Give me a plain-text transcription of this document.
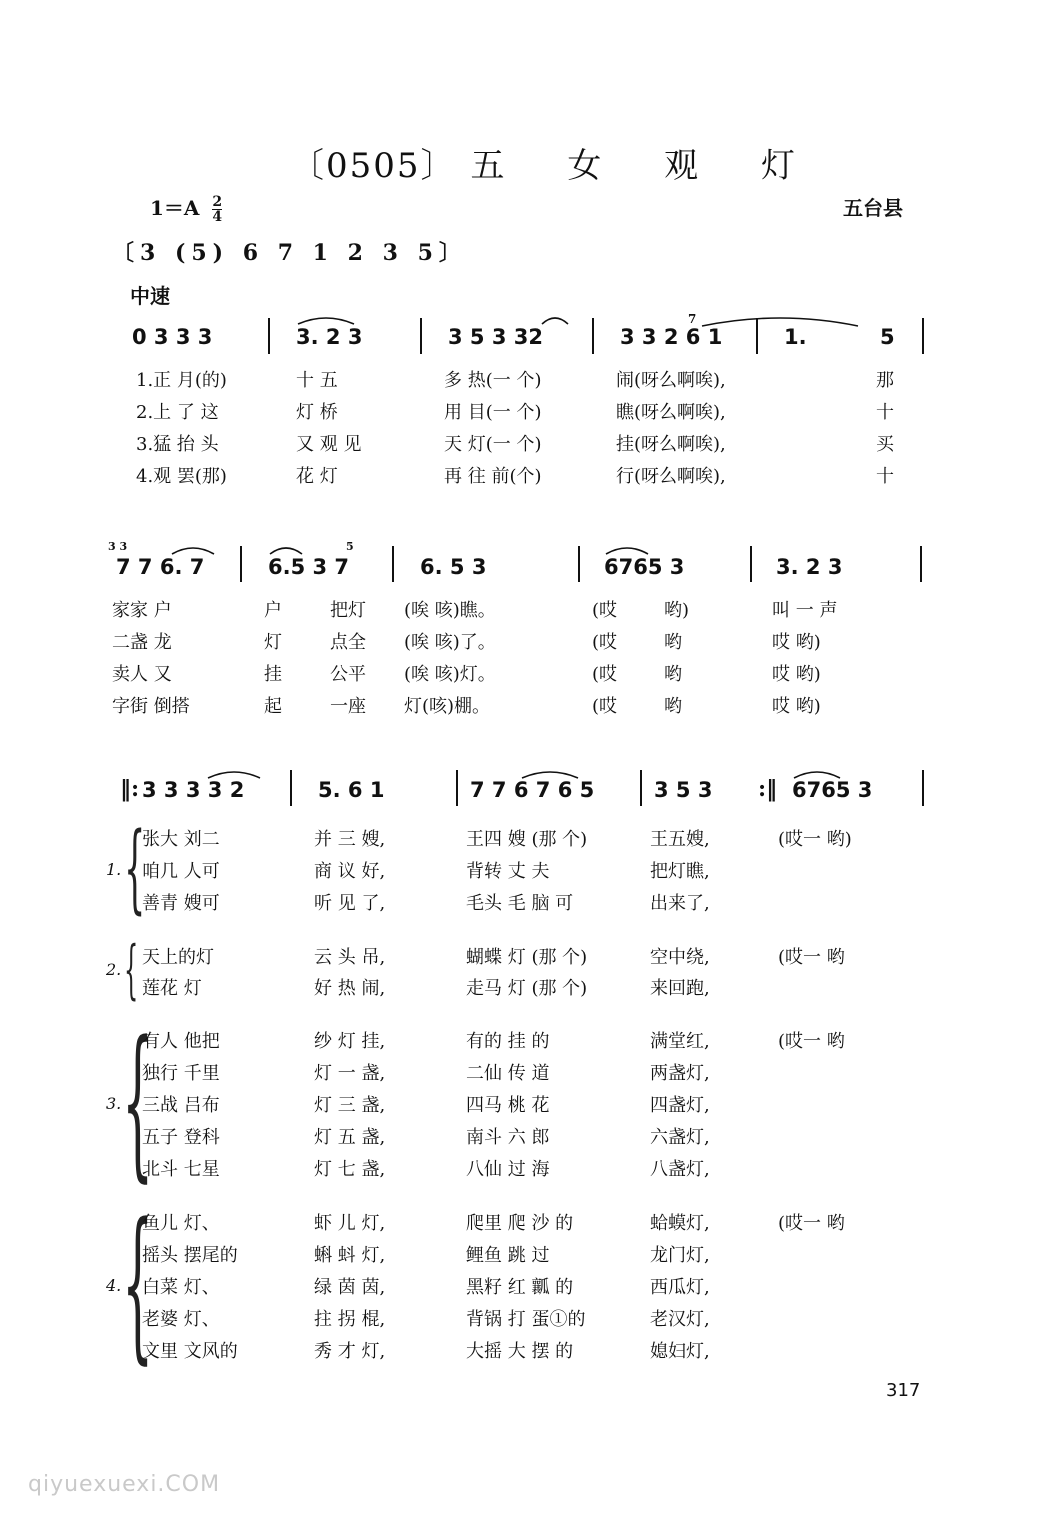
〔0505〕 五 女 观 灯
$1=A \frac{2}{4}$	五台县
〔3 (5) 6 7 1 2 3 5〕
中速
0 3 3 3	3. 2 3	3 5 3 32
7
3 3 2 6 1	1.	5
1.正 月(的)	十 五	多 热(一 个)	闹(呀么啊唉),	那
2.上 了 这	灯 桥	用 目(一 个)	瞧(呀么啊唉),	十
3.猛 抬 头	又 观 见	天 灯(一 个)	挂(呀么啊唉),	买
4.观 罢(那)	花 灯	再 往 前(个)	行(呀么啊唉),	十
3 3
7 7 6. 7
5
6.5 3 7	6. 5 3	6765 3	3. 2 3
家家 户	户	把灯 (唉 咳)瞧。	(哎	哟)	叫 一 声
二盏 龙	灯	点全 (唉 咳)了。	(哎	哟	哎 哟)
卖人 又	挂	公平 (唉 咳)灯。	(哎	哟	哎 哟)
字街 倒搭	起	一座 灯(咳)棚。	(哎	哟	哎 哟)
‖: 3 3 3 3 2	5. 6 1	7 7 6 7 6 5	3 5 3 :‖ 6765 3
1. {
张大 刘二	并 三 嫂,	王四 嫂 (那 个)	王五嫂,	(哎一 哟)
咱几 人可	商 议 好,	背转 丈 夫	把灯瞧,
善青 嫂可	听 见 了,	毛头 毛 脑 可	出来了,
2. { 天上的灯	云 头 吊,	蝴蝶 灯 (那 个)	空中绕,	(哎一 哟
莲花 灯	好 热 闹,	走马 灯 (那 个)	来回跑,
3. {
有人 他把	纱 灯 挂,	有的 挂 的	满堂红,	(哎一 哟
独行 千里	灯 一 盏,	二仙 传 道	两盏灯,
三战 吕布	灯 三 盏,	四马 桃 花	四盏灯,
五子 登科	灯 五 盏,	南斗 六 郎	六盏灯,
北斗 七星	灯 七 盏,	八仙 过 海	八盏灯,
4. {
鱼儿 灯、	虾 儿 灯,	爬里 爬 沙 的	蛤蟆灯,	(哎一 哟
摇头 摆尾的	蝌 蚪 灯,	鲤鱼 跳 过	龙门灯,
白菜 灯、	绿 茵 茵,	黑籽 红 瓤 的	西瓜灯,
老婆 灯、	拄 拐 棍,	背锅 打 蛋①的	老汉灯,
文里 文风的	秀 才 灯,	大摇 大 摆 的	媳妇灯,
317
qiyuexuexi.COM
